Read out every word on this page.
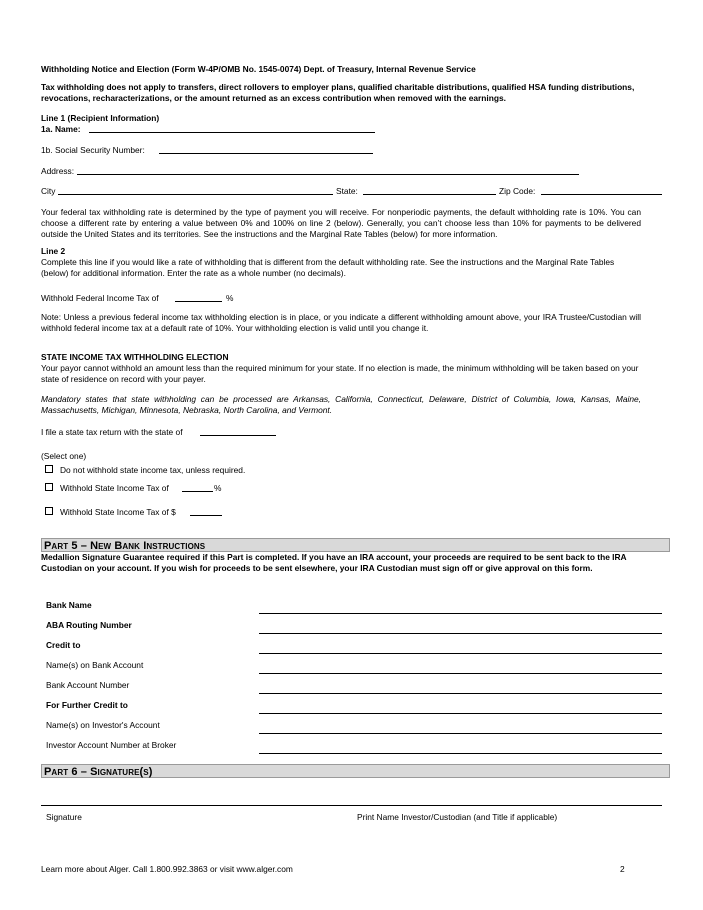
Withholding Notice and Election (Form W-4P/OMB No. 1545-0074) Dept. of Treasury, Internal Revenue Service
Tax withholding does not apply to transfers, direct rollovers to employer plans, qualified charitable distributions, qualified HSA funding distributions, revocations, recharacterizations, or the amount returned as an excess contribution when removed with the earnings.
Line 1 (Recipient Information)
1a. Name:
1b. Social Security Number:
Address:
City	State:	Zip Code:
Your federal tax withholding rate is determined by the type of payment you will receive. For nonperiodic payments, the default withholding rate is 10%. You can choose a different rate by entering a value between 0% and 100% on line 2 (below). Generally, you can’t choose less than 10% for payments to be delivered outside the United States and its territories. See the instructions and the Marginal Rate Tables (below) for more information.
Line 2
Complete this line if you would like a rate of withholding that is different from the default withholding rate. See the instructions and the Marginal Rate Tables (below) for additional information. Enter the rate as a whole number (no decimals).
Withhold Federal Income Tax of	%
Note: Unless a previous federal income tax withholding election is in place, or you indicate a different withholding amount above, your IRA Trustee/Custodian will withhold federal income tax at a default rate of 10%. Your withholding election is valid until you change it.
STATE INCOME TAX WITHHOLDING ELECTION
Your payor cannot withhold an amount less than the required minimum for your state. If no election is made, the minimum withholding will be taken based on your state of residence on record with your payer.
Mandatory states that state withholding can be processed are Arkansas, California, Connecticut, Delaware, District of Columbia, Iowa, Kansas, Maine, Massachusetts, Michigan, Minnesota, Nebraska, North Carolina, and Vermont.
I file a state tax return with the state of
(Select one)
Do not withhold state income tax, unless required.
Withhold State Income Tax of	%
Withhold State Income Tax of $
Part 5 – New Bank Instructions
Medallion Signature Guarantee required if this Part is completed. If you have an IRA account, your proceeds are required to be sent back to the IRA Custodian on your account. If you wish for proceeds to be sent elsewhere, your IRA Custodian must sign off or give approval on this form.
Bank Name
ABA Routing Number
Credit to
Name(s) on Bank Account
Bank Account Number
For Further Credit to
Name(s) on Investor's Account
Investor Account Number at Broker
Part 6 – Signature(s)
Signature	Print Name Investor/Custodian (and Title if applicable)
Learn more about Alger. Call 1.800.992.3863 or visit www.alger.com	2
